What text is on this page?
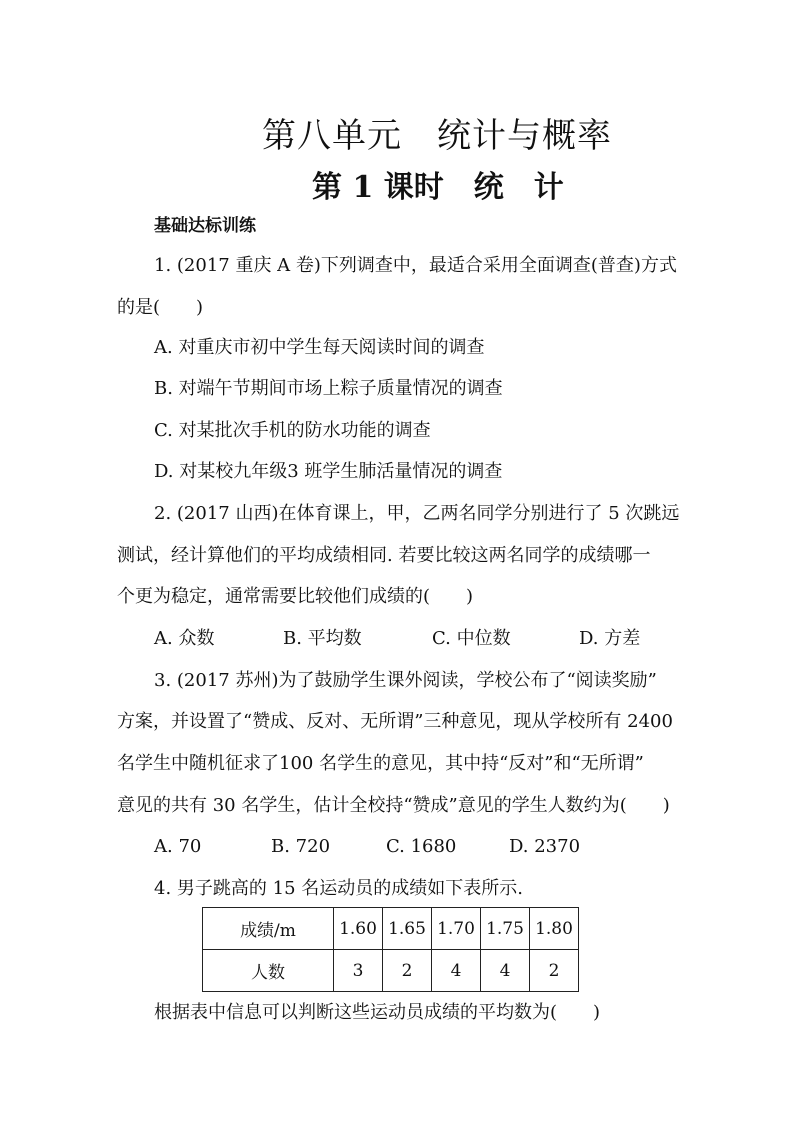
第八单元　统计与概率
第 1 课时　统　计
基础达标训练
1. (2017 重庆 A 卷)下列调查中，最适合采用全面调查(普查)方式
的是(　　)
A. 对重庆市初中学生每天阅读时间的调查
B. 对端午节期间市场上粽子质量情况的调查
C. 对某批次手机的防水功能的调查
D. 对某校九年级3 班学生肺活量情况的调查
2. (2017 山西)在体育课上，甲，乙两名同学分别进行了 5 次跳远
测试，经计算他们的平均成绩相同. 若要比较这两名同学的成绩哪一
个更为稳定，通常需要比较他们成绩的(　　)
A. 众数	B. 平均数	C. 中位数	D. 方差
3. (2017 苏州)为了鼓励学生课外阅读，学校公布了“阅读奖励”
方案，并设置了“赞成、反对、无所谓”三种意见，现从学校所有 2400
名学生中随机征求了100 名学生的意见，其中持“反对”和“无所谓”
意见的共有 30 名学生，估计全校持“赞成”意见的学生人数约为(　　)
A. 70	B. 720	C. 1680	D. 2370
4. 男子跳高的 15 名运动员的成绩如下表所示.
成绩/m	1.60	1.65	1.70	1.75	1.80
人数	3	2	4	4	2
根据表中信息可以判断这些运动员成绩的平均数为(　　)
